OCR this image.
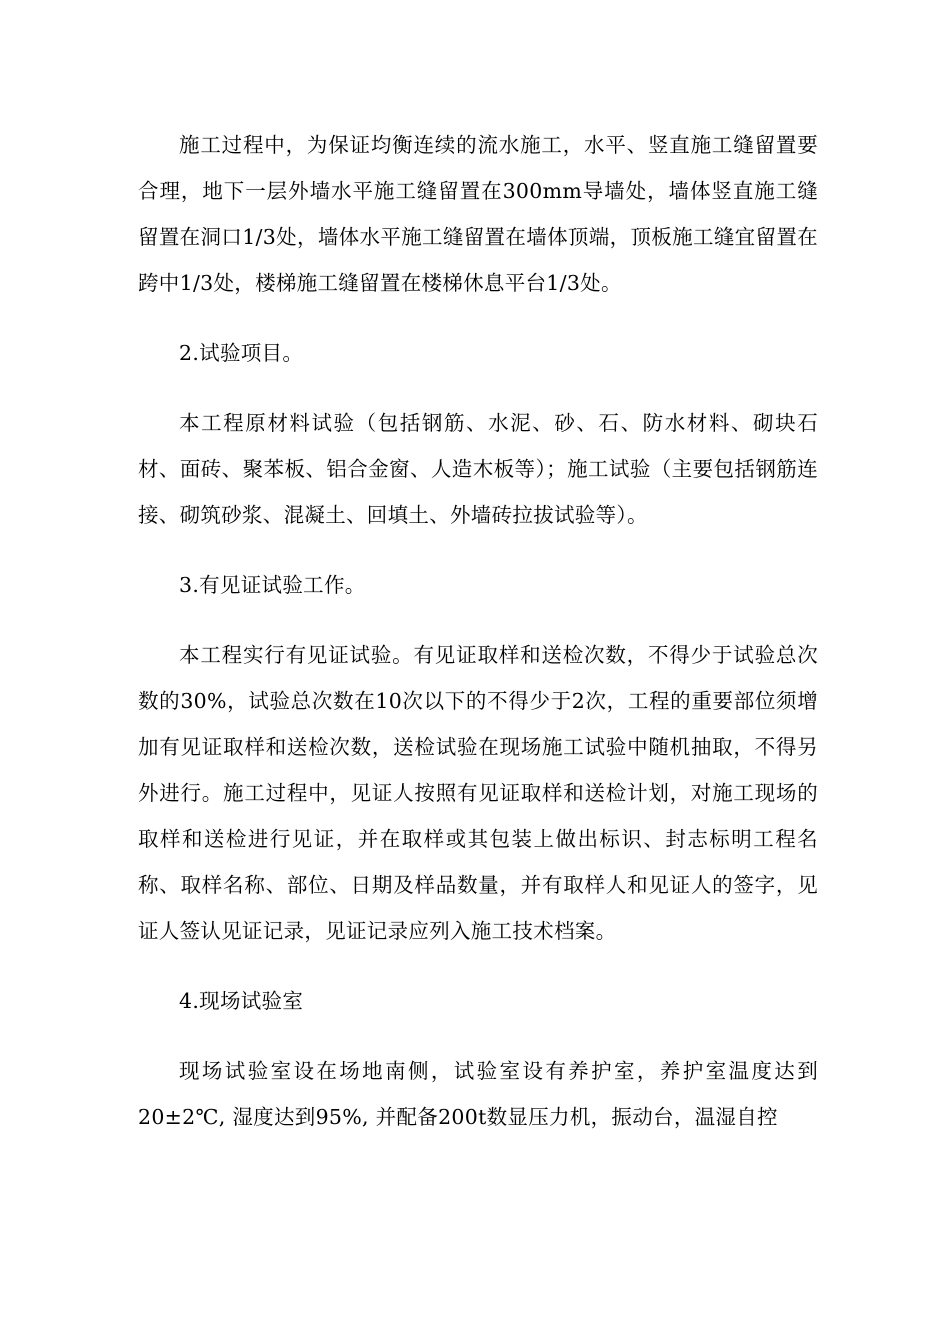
施工过程中，为保证均衡连续的流水施工，水平、竖直施工缝留置要合理，地下一层外墙水平施工缝留置在300mm导墙处，墙体竖直施工缝留置在洞口1/3处，墙体水平施工缝留置在墙体顶端，顶板施工缝宜留置在跨中1/3处，楼梯施工缝留置在楼梯休息平台1/3处。

2.试验项目。

本工程原材料试验（包括钢筋、水泥、砂、石、防水材料、砌块石材、面砖、聚苯板、铝合金窗、人造木板等）；施工试验（主要包括钢筋连接、砌筑砂浆、混凝土、回填土、外墙砖拉拔试验等）。

3.有见证试验工作。

本工程实行有见证试验。有见证取样和送检次数，不得少于试验总次数的30%，试验总次数在10次以下的不得少于2次，工程的重要部位须增加有见证取样和送检次数，送检试验在现场施工试验中随机抽取，不得另外进行。施工过程中，见证人按照有见证取样和送检计划，对施工现场的取样和送检进行见证，并在取样或其包装上做出标识、封志标明工程名称、取样名称、部位、日期及样品数量，并有取样人和见证人的签字，见证人签认见证记录，见证记录应列入施工技术档案。

4.现场试验室

现场试验室设在场地南侧，试验室设有养护室，养护室温度达到20±2℃, 湿度达到95%, 并配备200t数显压力机，振动台，温湿自控
